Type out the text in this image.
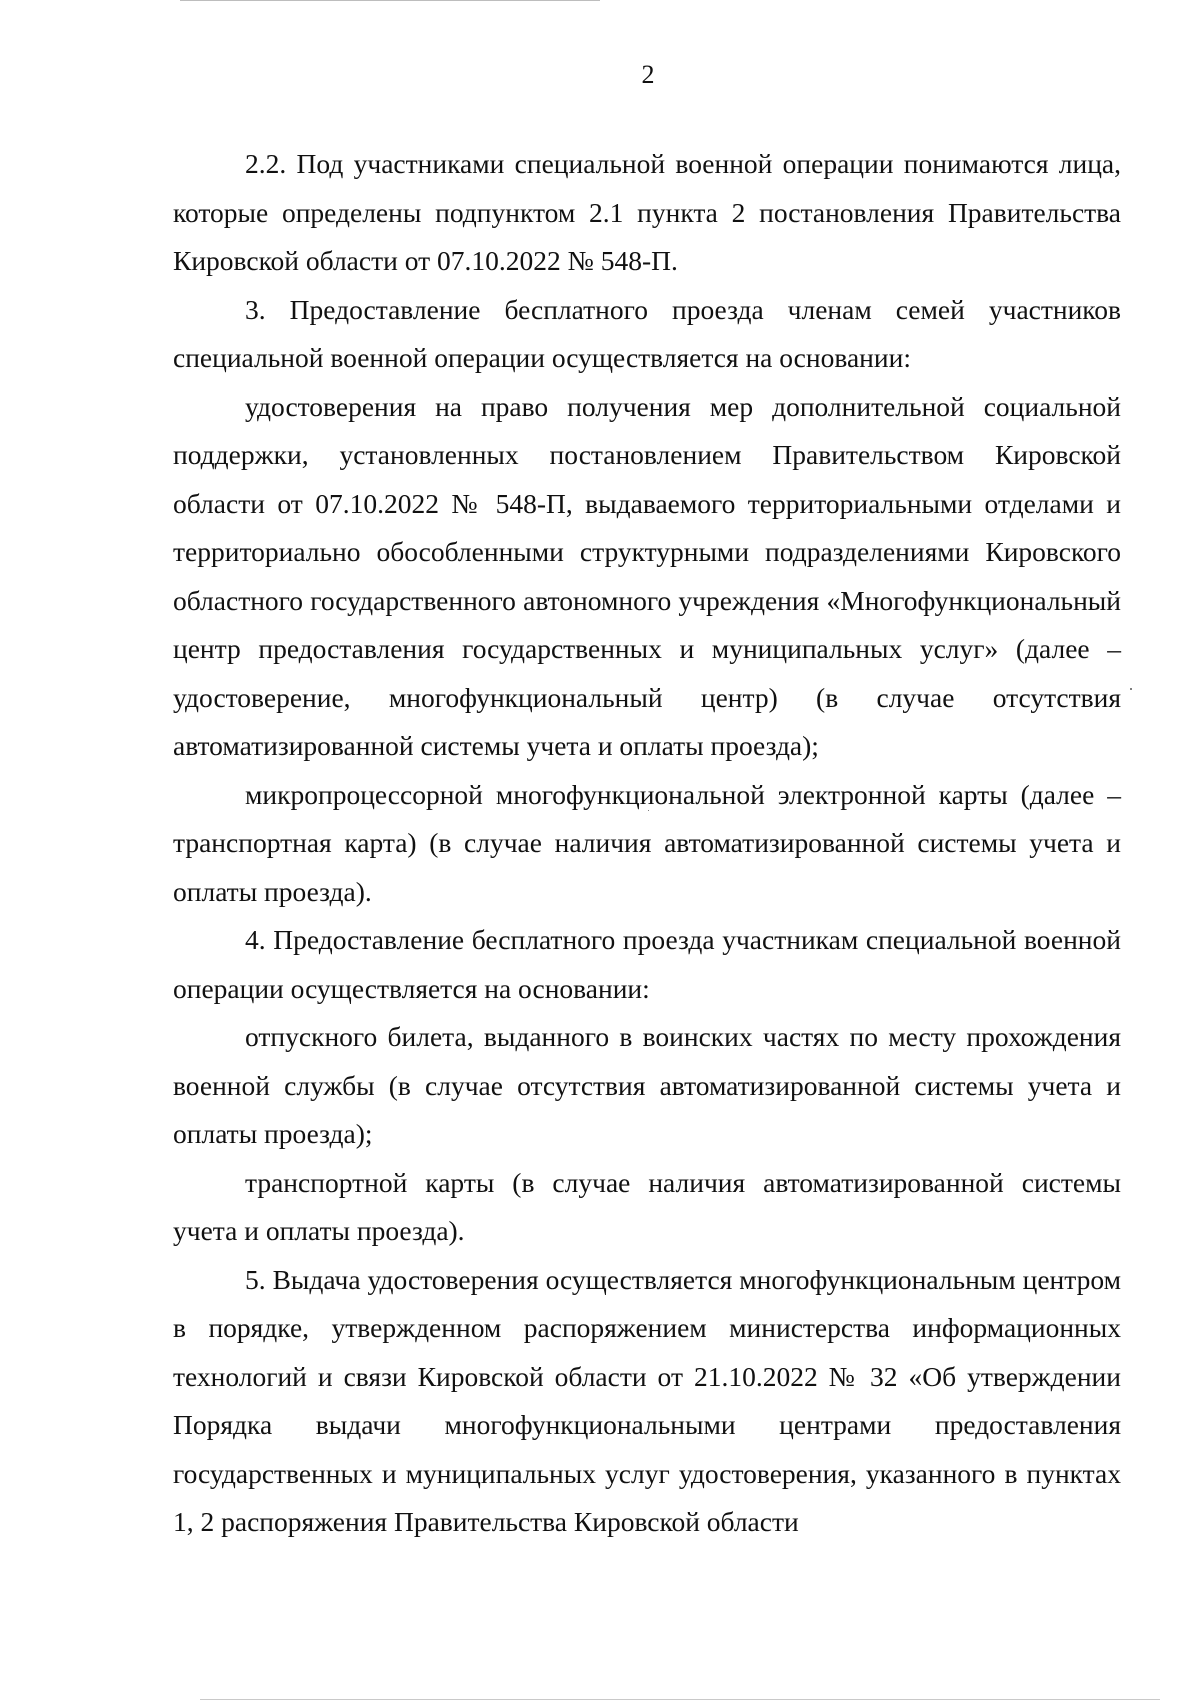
2

2.2. Под участниками специальной военной операции понимаются лица, которые определены подпунктом 2.1 пункта 2 постановления Правительства Кировской области от 07.10.2022 № 548-П.

3. Предоставление бесплатного проезда членам семей участников специальной военной операции осуществляется на основании:

удостоверения на право получения мер дополнительной социальной поддержки, установленных постановлением Правительством Кировской области от 07.10.2022 № 548-П, выдаваемого территориальными отделами и территориально обособленными структурными подразделениями Кировского областного государственного автономного учреждения «Многофункциональный центр предоставления государственных и муниципальных услуг» (далее – удостоверение, многофункциональный центр) (в случае отсутствия автоматизированной системы учета и оплаты проезда);

микропроцессорной многофункциональной электронной карты (далее – транспортная карта) (в случае наличия автоматизированной системы учета и оплаты проезда).

4. Предоставление бесплатного проезда участникам специальной военной операции осуществляется на основании:

отпускного билета, выданного в воинских частях по месту прохождения военной службы (в случае отсутствия автоматизированной системы учета и оплаты проезда);

транспортной карты (в случае наличия автоматизированной системы учета и оплаты проезда).

5. Выдача удостоверения осуществляется многофункциональным центром в порядке, утвержденном распоряжением министерства информационных технологий и связи Кировской области от 21.10.2022 № 32 «Об утверждении Порядка выдачи многофункциональными центрами предоставления государственных и муниципальных услуг удостоверения, указанного в пунктах 1, 2 распоряжения Правительства Кировской области
